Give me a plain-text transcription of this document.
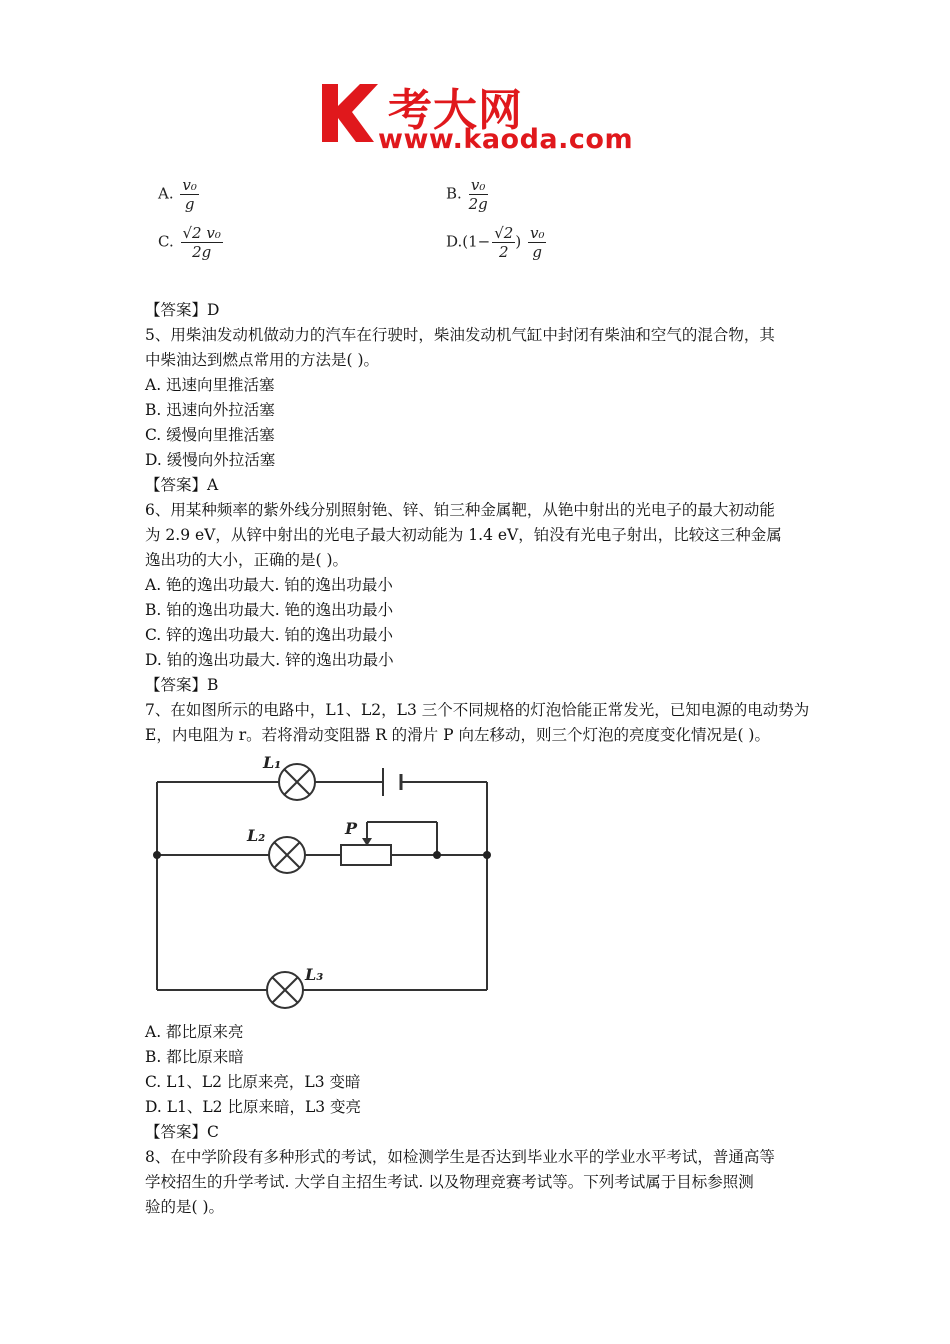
考大网
www.kaoda.com
A. $\frac{\text{v₀}}{g}$	B. $\frac{\text{v₀}}{2g}$
C. $\frac{\text{√2 v₀}}{2g}$	$D.(1- \frac{√2}{2}$ ) $\frac{\text{v₀}}{g}$
【答案】D
5、用柴油发动机做动力的汽车在行驶时，柴油发动机气缸中封闭有柴油和空气的混合物，其
中柴油达到燃点常用的方法是( )。
A. 迅速向里推活塞
B. 迅速向外拉活塞
C. 缓慢向里推活塞
D. 缓慢向外拉活塞
【答案】A
6、用某种频率的紫外线分别照射铯、锌、铂三种金属靶，从铯中射出的光电子的最大初动能
为 2.9 eV，从锌中射出的光电子最大初动能为 1.4 eV，铂没有光电子射出，比较这三种金属
逸出功的大小，正确的是( )。
A. 铯的逸出功最大. 铂的逸出功最小
B. 铂的逸出功最大. 铯的逸出功最小
C. 锌的逸出功最大. 铂的逸出功最小
D. 铂的逸出功最大. 锌的逸出功最小
【答案】B
7、在如图所示的电路中，L1、L2，L3 三个不同规格的灯泡恰能正常发光，已知电源的电动势为
E，内电阻为 r。若将滑动变阻器 R 的滑片 P 向左移动，则三个灯泡的亮度变化情况是( )。
L₁
L₂
L₃
P
A. 都比原来亮
B. 都比原来暗
C. L1、L2 比原来亮，L3 变暗
D. L1、L2 比原来暗，L3 变亮
【答案】C
8、在中学阶段有多种形式的考试，如检测学生是否达到毕业水平的学业水平考试，普通高等
学校招生的升学考试. 大学自主招生考试. 以及物理竞赛考试等。下列考试属于目标参照测
验的是( )。
